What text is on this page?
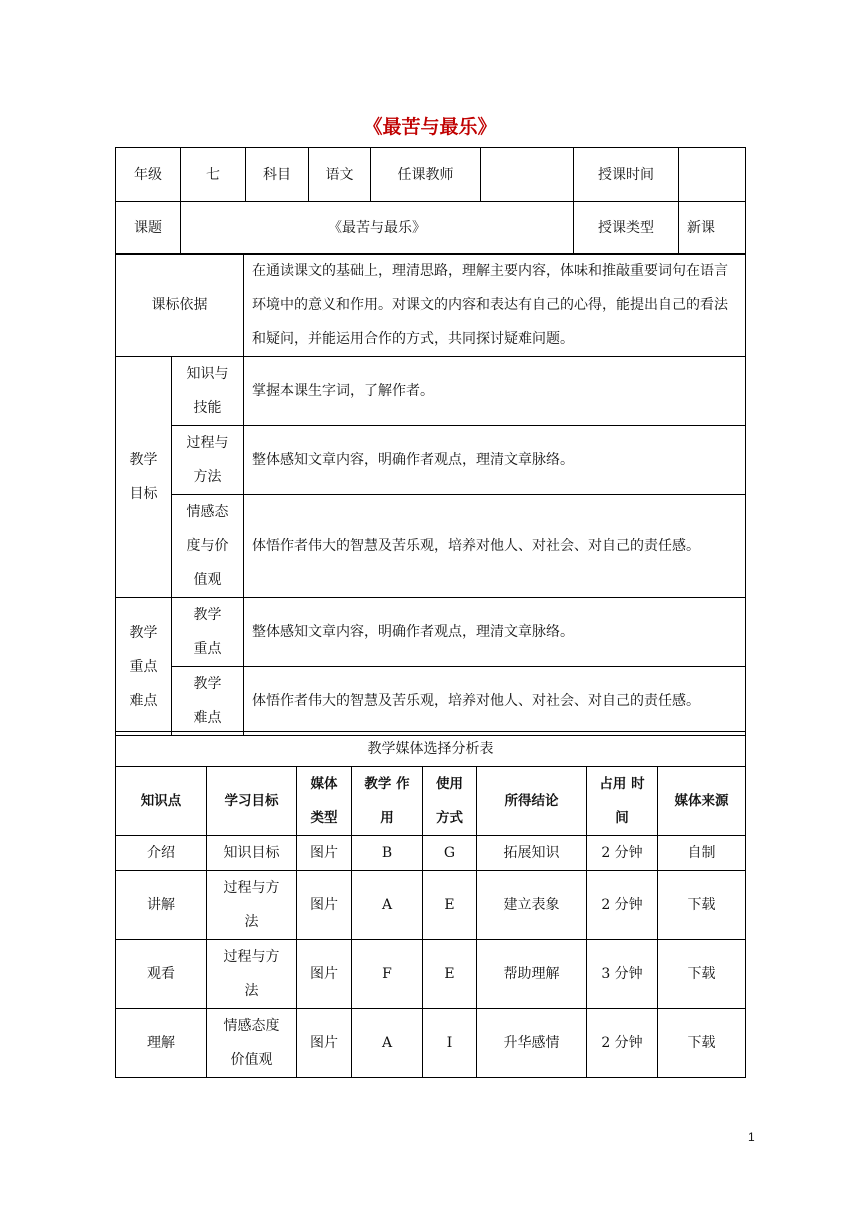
《最苦与最乐》
年级	七	科目	语文	任课教师		授课时间	
课题	《最苦与最乐》					授课类型	新课
课标依据		在通读课文的基础上，理清思路，理解主要内容，体味和推敲重要词句在语言环境中的意义和作用。对课文的内容和表达有自己的心得，能提出自己的看法和疑问，并能运用合作的方式，共同探讨疑难问题。
教学目标	知识与技能	掌握本课生字词，了解作者。
	过程与方法	整体感知文章内容，明确作者观点，理清文章脉络。
	情感态度与价值观	体悟作者伟大的智慧及苦乐观，培养对他人、对社会、对自己的责任感。
教学重点难点	教学重点	整体感知文章内容，明确作者观点，理清文章脉络。
	教学难点	体悟作者伟大的智慧及苦乐观，培养对他人、对社会、对自己的责任感。
教学媒体选择分析表							
知识点	学习目标	媒体类型	教学 作用	使用方式	所得结论	占用 时间	媒体来源
介绍	知识目标	图片	B	G	拓展知识	2 分钟	自制
讲解	过程与方法	图片	A	E	建立表象	2 分钟	下载
观看	过程与方法	图片	F	E	帮助理解	3 分钟	下载
理解	情感态度价值观	图片	A	I	升华感情	2 分钟	下载
1
